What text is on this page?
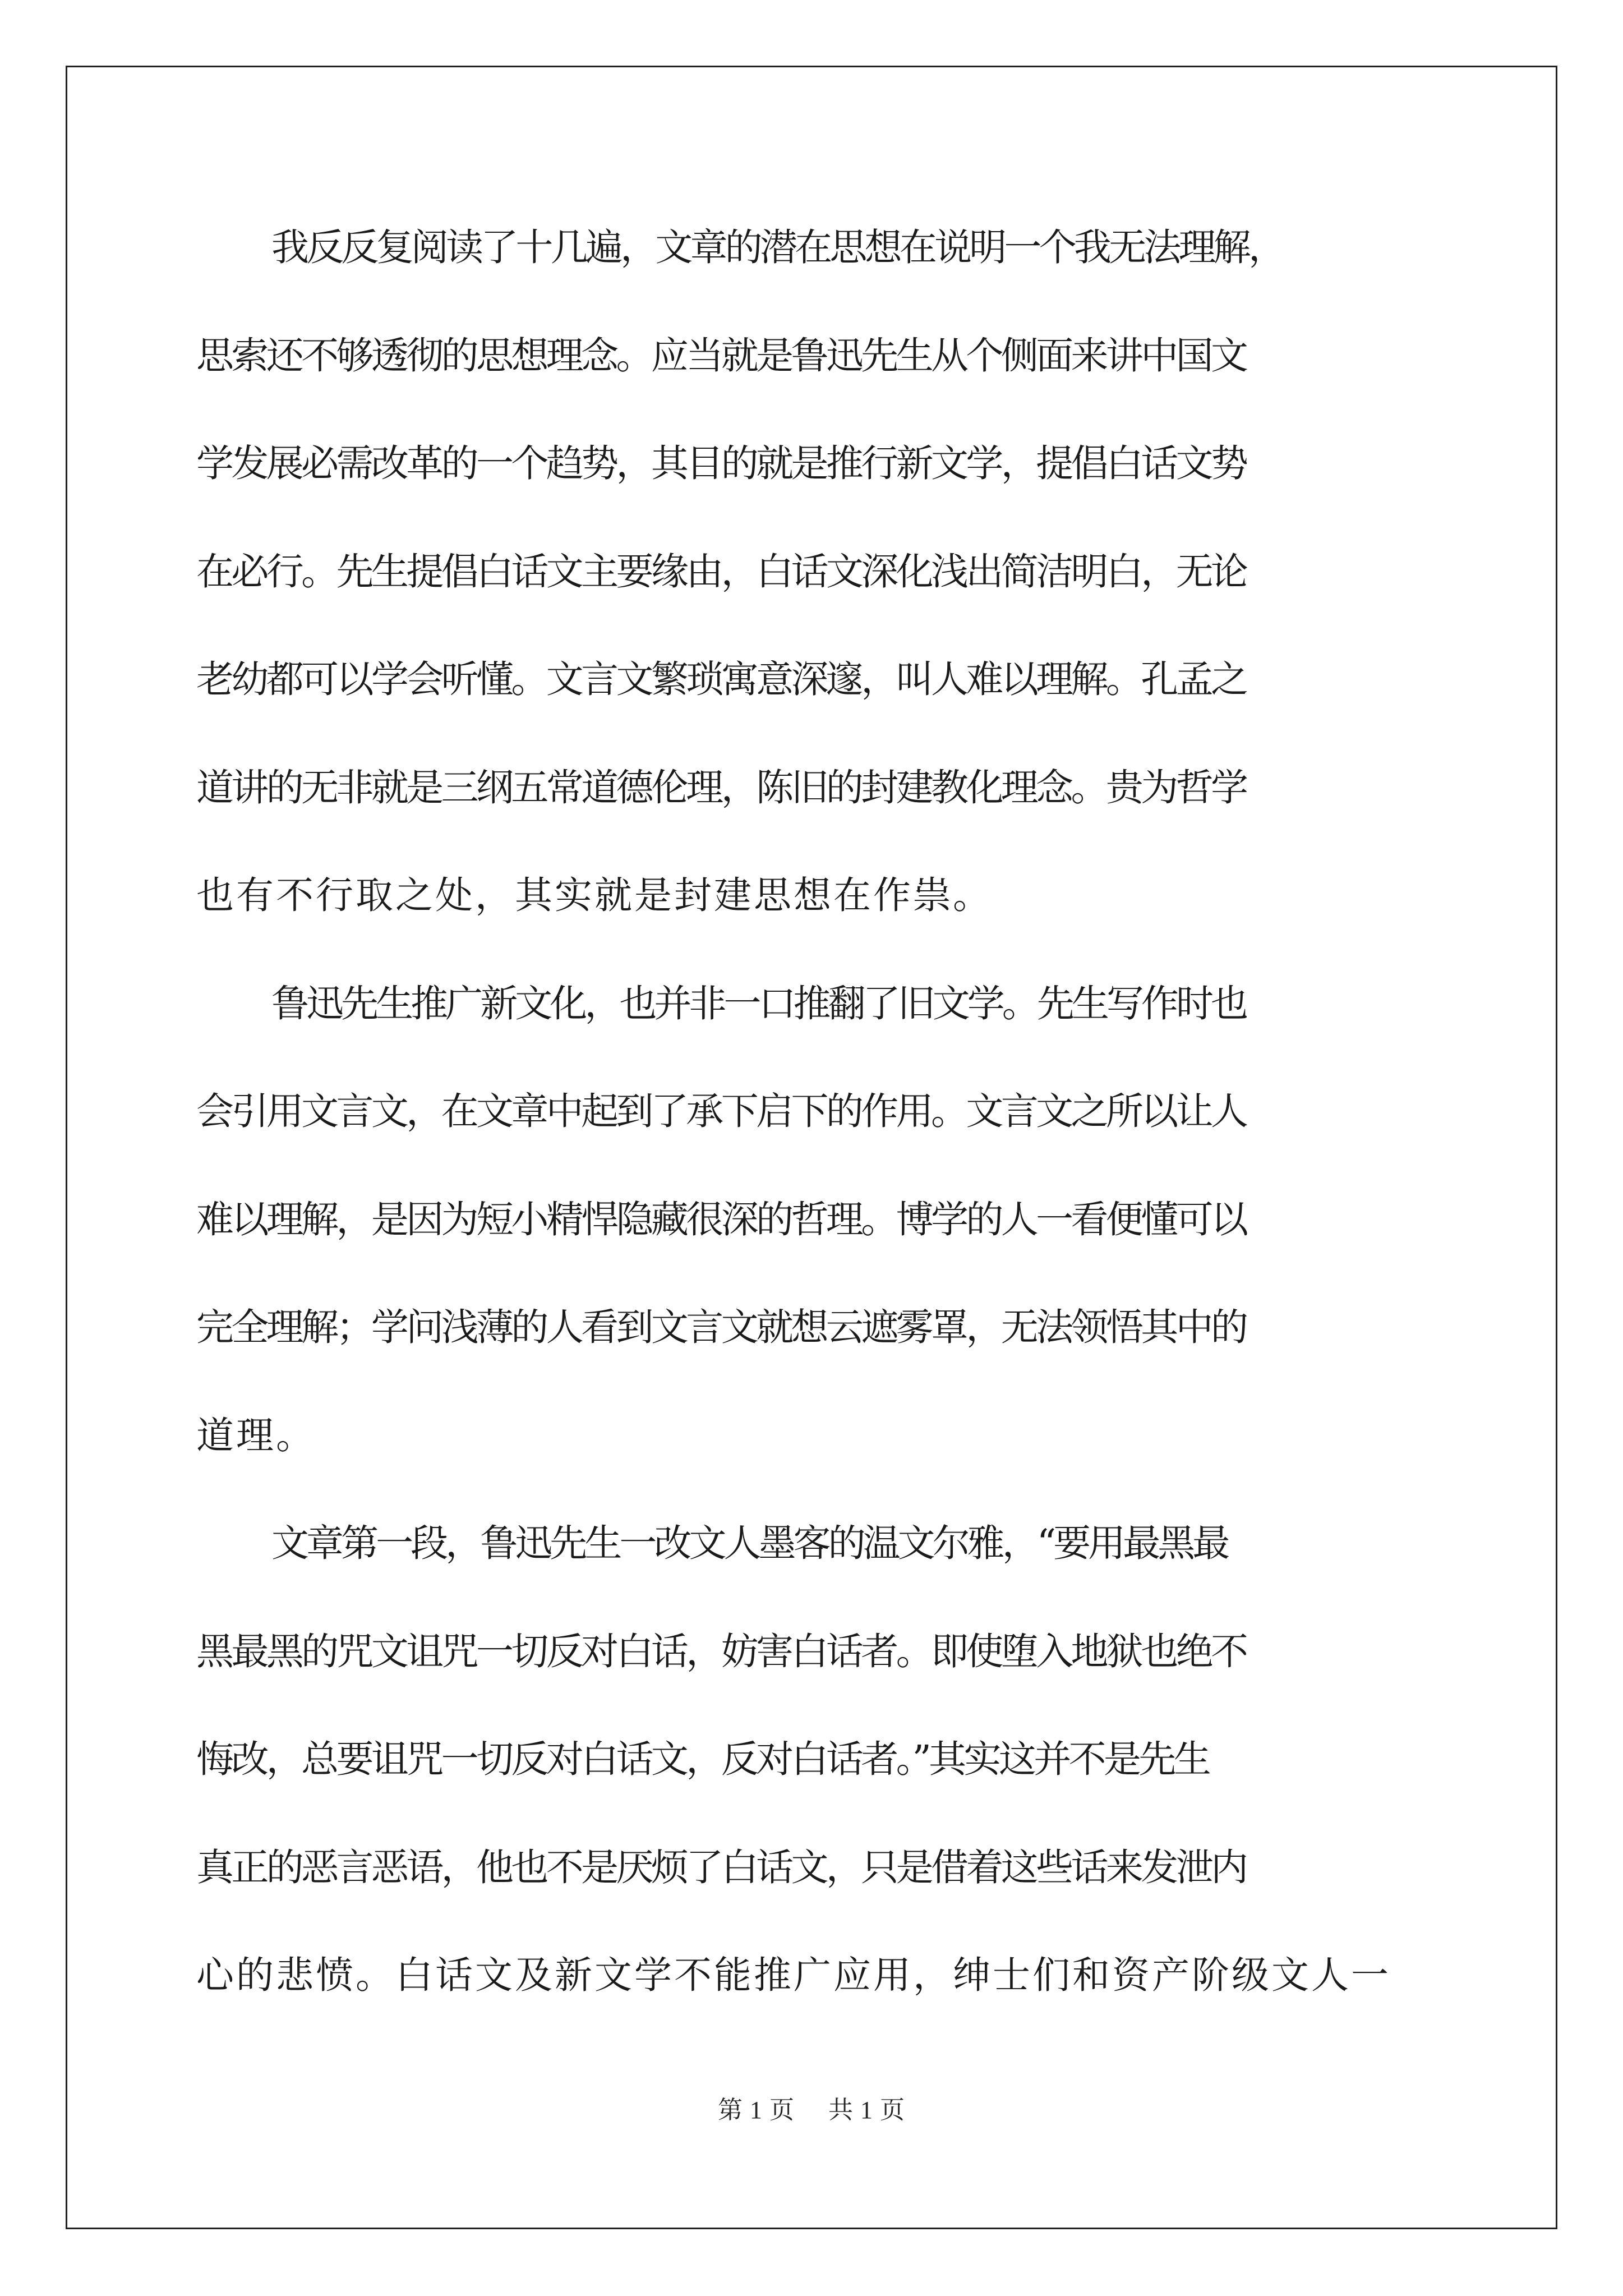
我反反复阅读了十几遍，文章的潜在思想在说明一个我无法理解，
思索还不够透彻的思想理念。应当就是鲁迅先生从个侧面来讲中国文
学发展必需改革的一个趋势，其目的就是推行新文学，提倡白话文势
在必行。先生提倡白话文主要缘由，白话文深化浅出简洁明白，无论
老幼都可以学会听懂。文言文繁琐寓意深邃，叫人难以理解。孔孟之
道讲的无非就是三纲五常道德伦理，陈旧的封建教化理念。贵为哲学
也有不行取之处，其实就是封建思想在作祟。

鲁迅先生推广新文化，也并非一口推翻了旧文学。先生写作时也
会引用文言文，在文章中起到了承下启下的作用。文言文之所以让人
难以理解，是因为短小精悍隐藏很深的哲理。博学的人一看便懂可以
完全理解；学问浅薄的人看到文言文就想云遮雾罩，无法领悟其中的
道理。

文章第一段，鲁迅先生一改文人墨客的温文尔雅，“要用最黑最
黑最黑的咒文诅咒一切反对白话，妨害白话者。即使堕入地狱也绝不
悔改，总要诅咒一切反对白话文，反对白话者。”其实这并不是先生
真正的恶言恶语，他也不是厌烦了白话文，只是借着这些话来发泄内
心的悲愤。白话文及新文学不能推广应用，绅士们和资产阶级文人一

第 1 页 共 1 页
